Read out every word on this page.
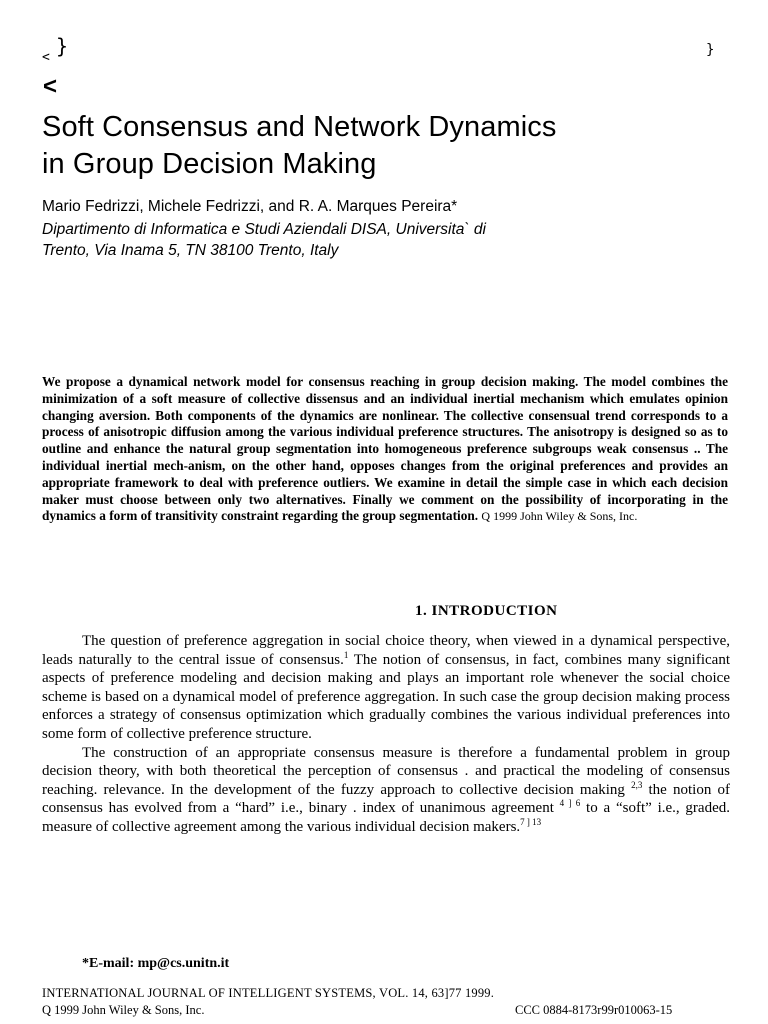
}
<	}
<
Soft Consensus and Network Dynamics
in Group Decision Making
Mario Fedrizzi, Michele Fedrizzi, and R. A. Marques Pereira*
Dipartimento di Informatica e Studi Aziendali DISA, Universita` di
Trento, Via Inama 5, TN 38100 Trento, Italy
We propose a dynamical network model for consensus reaching in group decision making. The model combines the minimization of a soft measure of collective dissensus and an individual inertial mechanism which emulates opinion changing aversion. Both components of the dynamics are nonlinear. The collective consensual trend corresponds to a process of anisotropic diffusion among the various individual preference structures. The anisotropy is designed so as to outline and enhance the natural group segmentation into homogeneous preference subgroups weak consensus .. The individual inertial mech-anism, on the other hand, opposes changes from the original preferences and provides an appropriate framework to deal with preference outliers. We examine in detail the simple case in which each decision maker must choose between only two alternatives. Finally we comment on the possibility of incorporating in the dynamics a form of transitivity constraint regarding the group segmentation. Q 1999 John Wiley & Sons, Inc.
1. INTRODUCTION

The question of preference aggregation in social choice theory, when viewed in a dynamical perspective, leads naturally to the central issue of consensus.$^1$ The notion of consensus, in fact, combines many significant aspects of preference modeling and decision making and plays an important role whenever the social choice scheme is based on a dynamical model of preference aggregation. In such case the group decision making process enforces a strategy of consensus optimization which gradually combines the various individual preferences into some form of collective preference structure.

The construction of an appropriate consensus measure is therefore a fundamental problem in group decision theory, with both theoretical the perception of consensus . and practical the modeling of consensus reaching. relevance. In the development of the fuzzy approach to collective decision making $^{2,3}$ the notion of consensus has evolved from a “hard” i.e., binary . index of unanimous agreement $^{4 ] 6}$ to a “soft” i.e., graded. measure of collective agreement among the various individual decision makers.$^{7 ] 13}$

*E-mail: mp@cs.unitn.it
INTERNATIONAL JOURNAL OF INTELLIGENT SYSTEMS, VOL. 14, 63]77 1999.
Q 1999 John Wiley & Sons, Inc.	CCC 0884-8173r99r010063-15
